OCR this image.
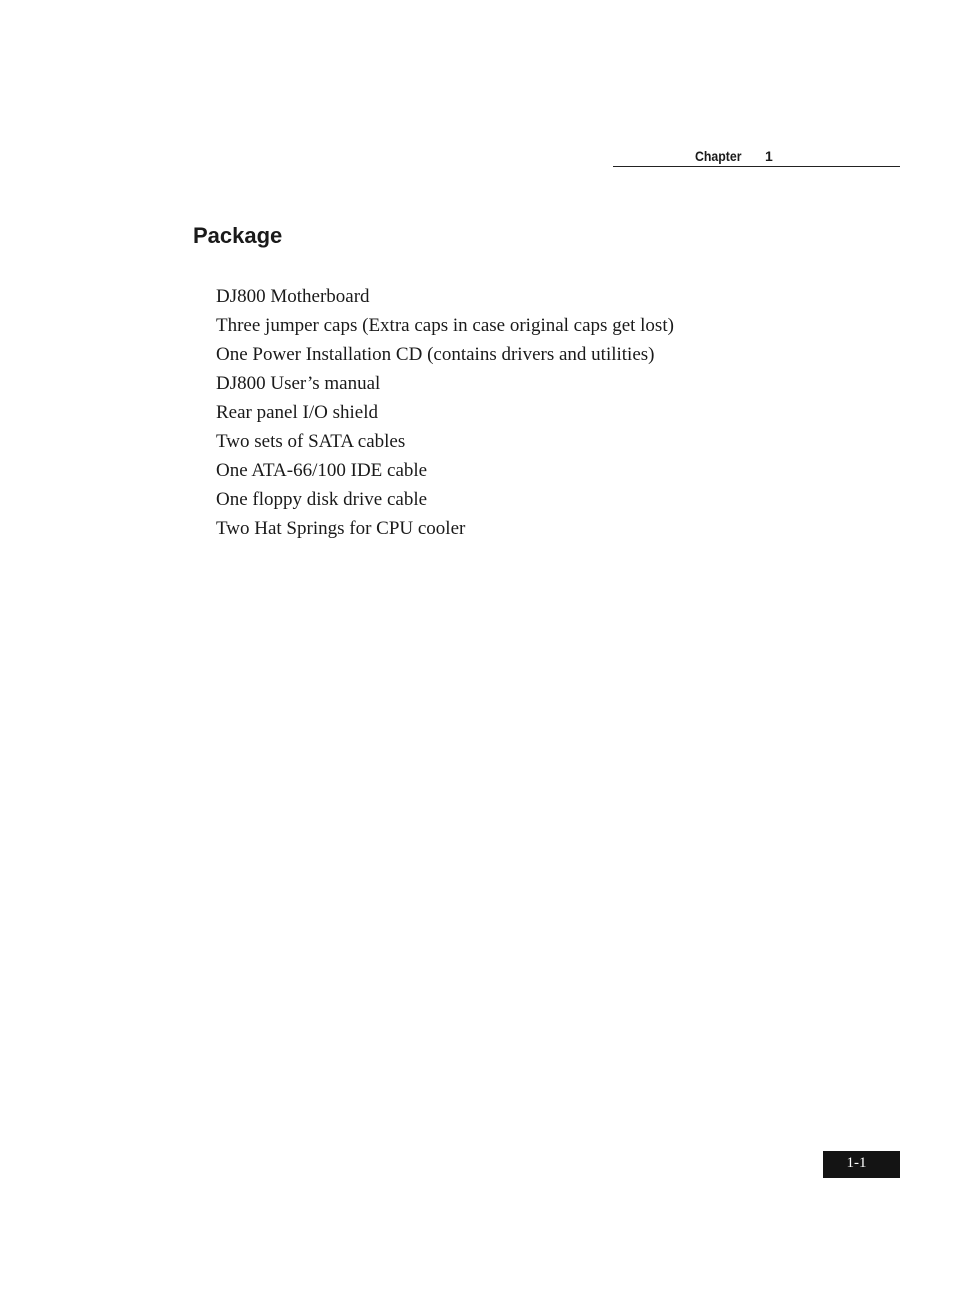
Chapter 1
Package
DJ800 Motherboard
Three jumper caps (Extra caps in case original caps get lost)
One Power Installation CD (contains drivers and utilities)
DJ800 User’s manual
Rear panel I/O shield
Two sets of SATA cables
One ATA-66/100 IDE cable
One floppy disk drive cable
Two Hat Springs for CPU cooler
1-1
